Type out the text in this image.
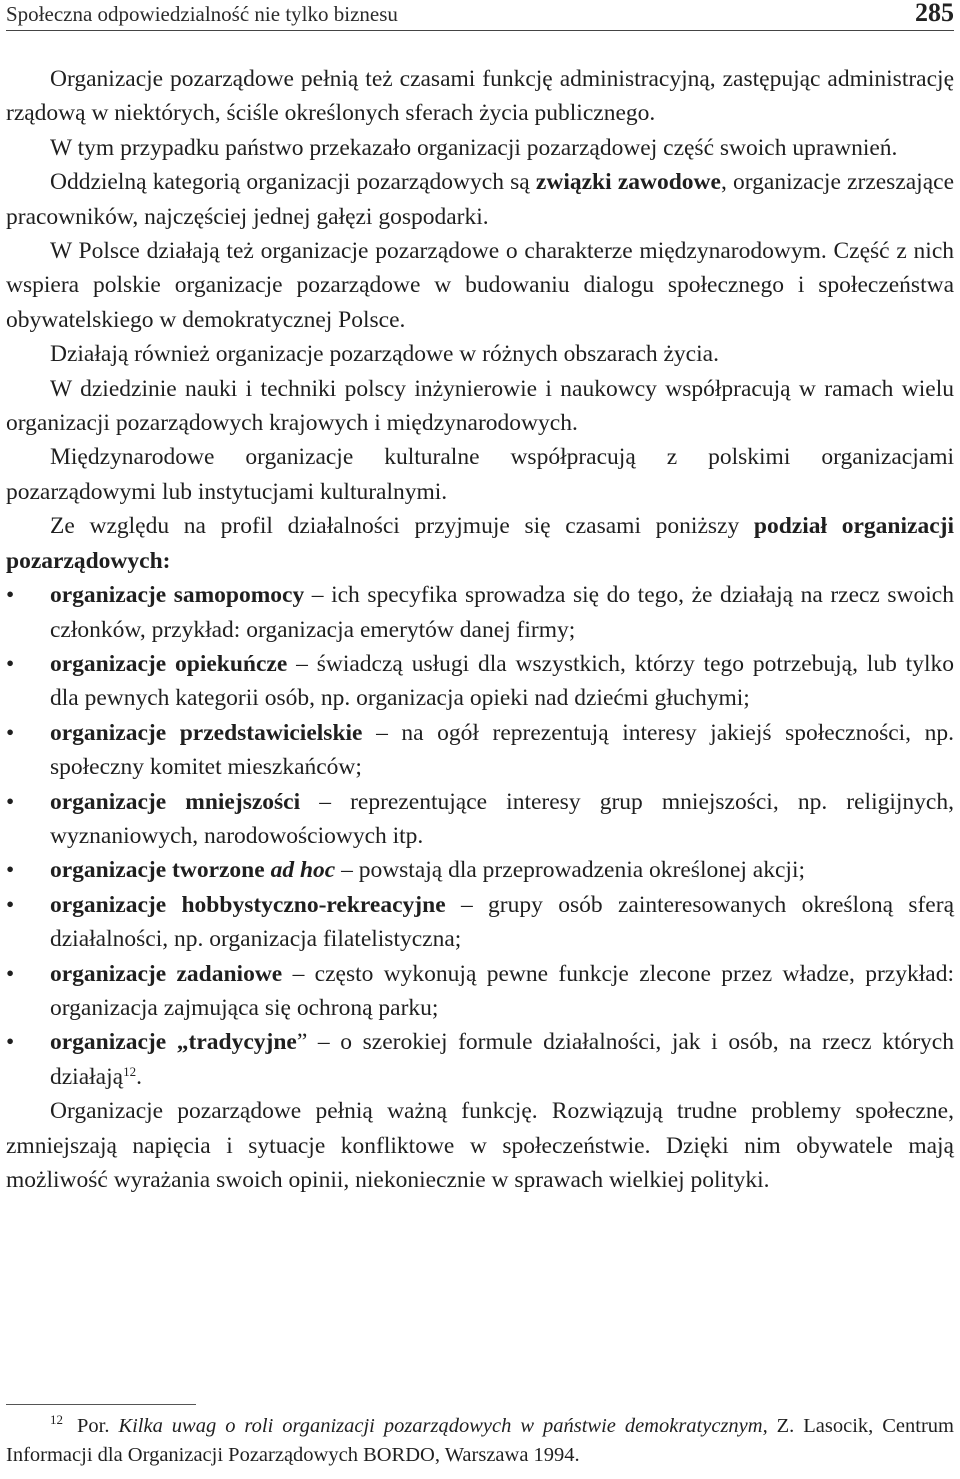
Społeczna odpowiedzialność nie tylko biznesu	285

Organizacje pozarządowe pełnią też czasami funkcję administracyjną, zastępując administrację rządową w niektórych, ściśle określonych sferach życia publicznego.

W tym przypadku państwo przekazało organizacji pozarządowej część swoich uprawnień.

Oddzielną kategorią organizacji pozarządowych są związki zawodowe, organizacje zrzeszające pracowników, najczęściej jednej gałęzi gospodarki.

W Polsce działają też organizacje pozarządowe o charakterze międzynarodowym. Część z nich wspiera polskie organizacje pozarządowe w budowaniu dialogu społecznego i społeczeństwa obywatelskiego w demokratycznej Polsce.

Działają również organizacje pozarządowe w różnych obszarach życia.

W dziedzinie nauki i techniki polscy inżynierowie i naukowcy współpracują w ramach wielu organizacji pozarządowych krajowych i międzynarodowych.

Międzynarodowe organizacje kulturalne współpracują z polskimi organizacjami pozarządowymi lub instytucjami kulturalnymi.

Ze względu na profil działalności przyjmuje się czasami poniższy podział organizacji pozarządowych:

• organizacje samopomocy – ich specyfika sprowadza się do tego, że działają na rzecz swoich członków, przykład: organizacja emerytów danej firmy;
• organizacje opiekuńcze – świadczą usługi dla wszystkich, którzy tego potrzebują, lub tylko dla pewnych kategorii osób, np. organizacja opieki nad dziećmi głuchymi;
• organizacje przedstawicielskie – na ogół reprezentują interesy jakiejś społeczności, np. społeczny komitet mieszkańców;
• organizacje mniejszości – reprezentujące interesy grup mniejszości, np. religijnych, wyznaniowych, narodowościowych itp.
• organizacje tworzone ad hoc – powstają dla przeprowadzenia określonej akcji;
• organizacje hobbystyczno-rekreacyjne – grupy osób zainteresowanych określoną sferą działalności, np. organizacja filatelistyczna;
• organizacje zadaniowe – często wykonują pewne funkcje zlecone przez władze, przykład: organizacja zajmująca się ochroną parku;
• organizacje „tradycyjne” – o szerokiej formule działalności, jak i osób, na rzecz których działają$^{12}$.

Organizacje pozarządowe pełnią ważną funkcję. Rozwiązują trudne problemy społeczne, zmniejszają napięcia i sytuacje konfliktowe w społeczeństwie. Dzięki nim obywatele mają możliwość wyrażania swoich opinii, niekoniecznie w sprawach wielkiej polityki.

$^{12}$ Por. Kilka uwag o roli organizacji pozarządowych w państwie demokratycznym, Z. Lasocik, Centrum Informacji dla Organizacji Pozarządowych BORDO, Warszawa 1994.
